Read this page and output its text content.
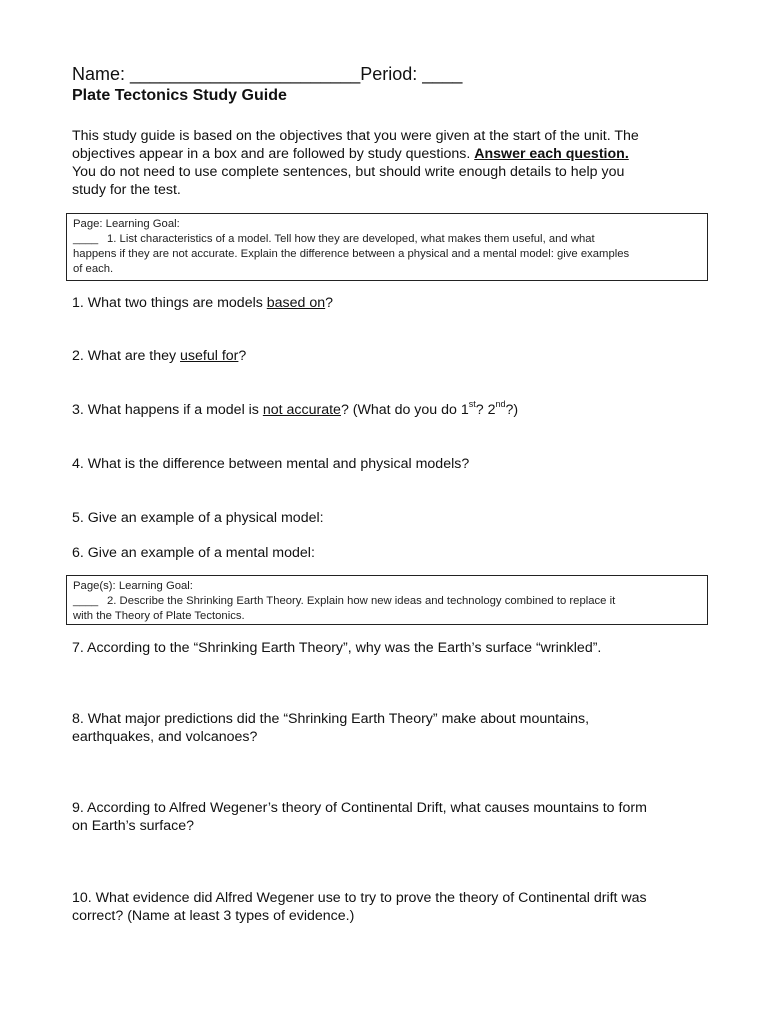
Name: _______________________Period: ____
Plate Tectonics Study Guide
This study guide is based on the objectives that you were given at the start of the unit. The
objectives appear in a box and are followed by study questions. Answer each question.
You do not need to use complete sentences, but should write enough details to help you
study for the test.
Page: Learning Goal:
____ 1. List characteristics of a model. Tell how they are developed, what makes them useful, and what
happens if they are not accurate. Explain the difference between a physical and a mental model: give examples
of each.
1. What two things are models based on?
2. What are they useful for?
3. What happens if a model is not accurate? (What do you do 1st? 2nd?)
4. What is the difference between mental and physical models?
5. Give an example of a physical model:
6. Give an example of a mental model:
Page(s): Learning Goal:
____ 2. Describe the Shrinking Earth Theory. Explain how new ideas and technology combined to replace it
with the Theory of Plate Tectonics.
7. According to the “Shrinking Earth Theory”, why was the Earth’s surface “wrinkled”.
8. What major predictions did the “Shrinking Earth Theory” make about mountains,
earthquakes, and volcanoes?
9. According to Alfred Wegener’s theory of Continental Drift, what causes mountains to form
on Earth’s surface?
10. What evidence did Alfred Wegener use to try to prove the theory of Continental drift was
correct? (Name at least 3 types of evidence.)
